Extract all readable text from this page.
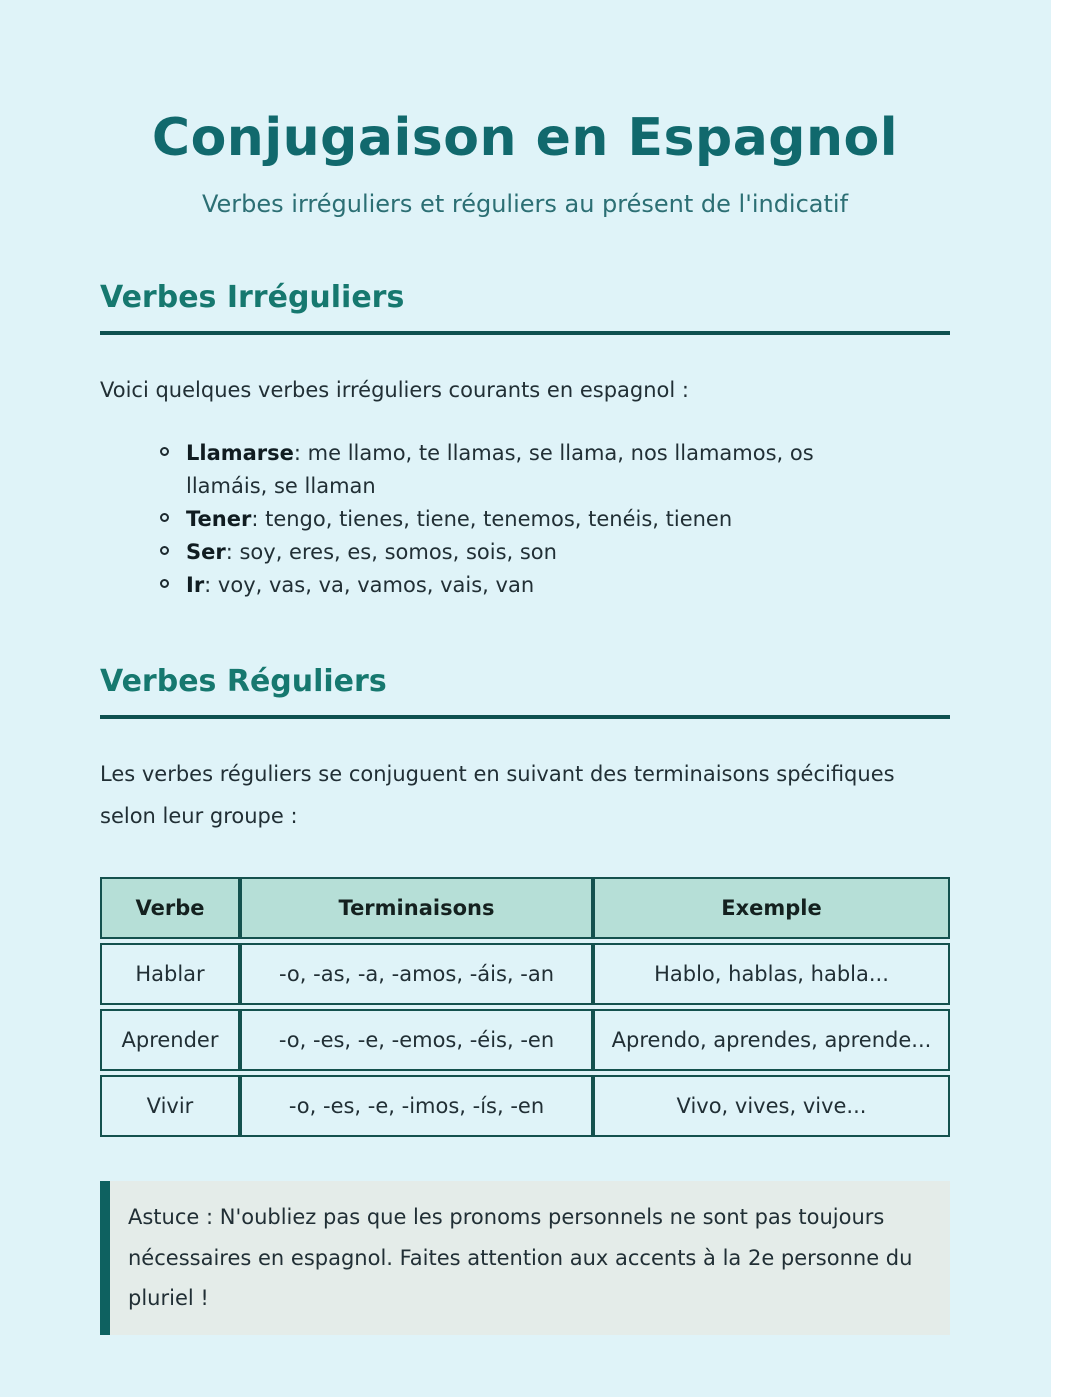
Conjugaison en Espagnol
Verbes irréguliers et réguliers au présent de l'indicatif
Verbes Irréguliers

Voici quelques verbes irréguliers courants en espagnol :

Llamarse: me llamo, te llamas, se llama, nos llamamos, os llamáis, se llaman
Tener: tengo, tienes, tiene, tenemos, tenéis, tienen
Ser: soy, eres, es, somos, sois, son
Ir: voy, vas, va, vamos, vais, van
Verbes Réguliers

Les verbes réguliers se conjuguent en suivant des terminaisons spécifiques selon leur groupe :

Verbe	Terminaisons	Exemple
Hablar	-o, -as, -a, -amos, -áis, -an	Hablo, hablas, habla...
Aprender	-o, -es, -e, -emos, -éis, -en	Aprendo, aprendes, aprende...
Vivir	-o, -es, -e, -imos, -ís, -en	Vivo, vives, vive...

Astuce : N'oubliez pas que les pronoms personnels ne sont pas toujours nécessaires en espagnol. Faites attention aux accents à la 2e personne du pluriel !
